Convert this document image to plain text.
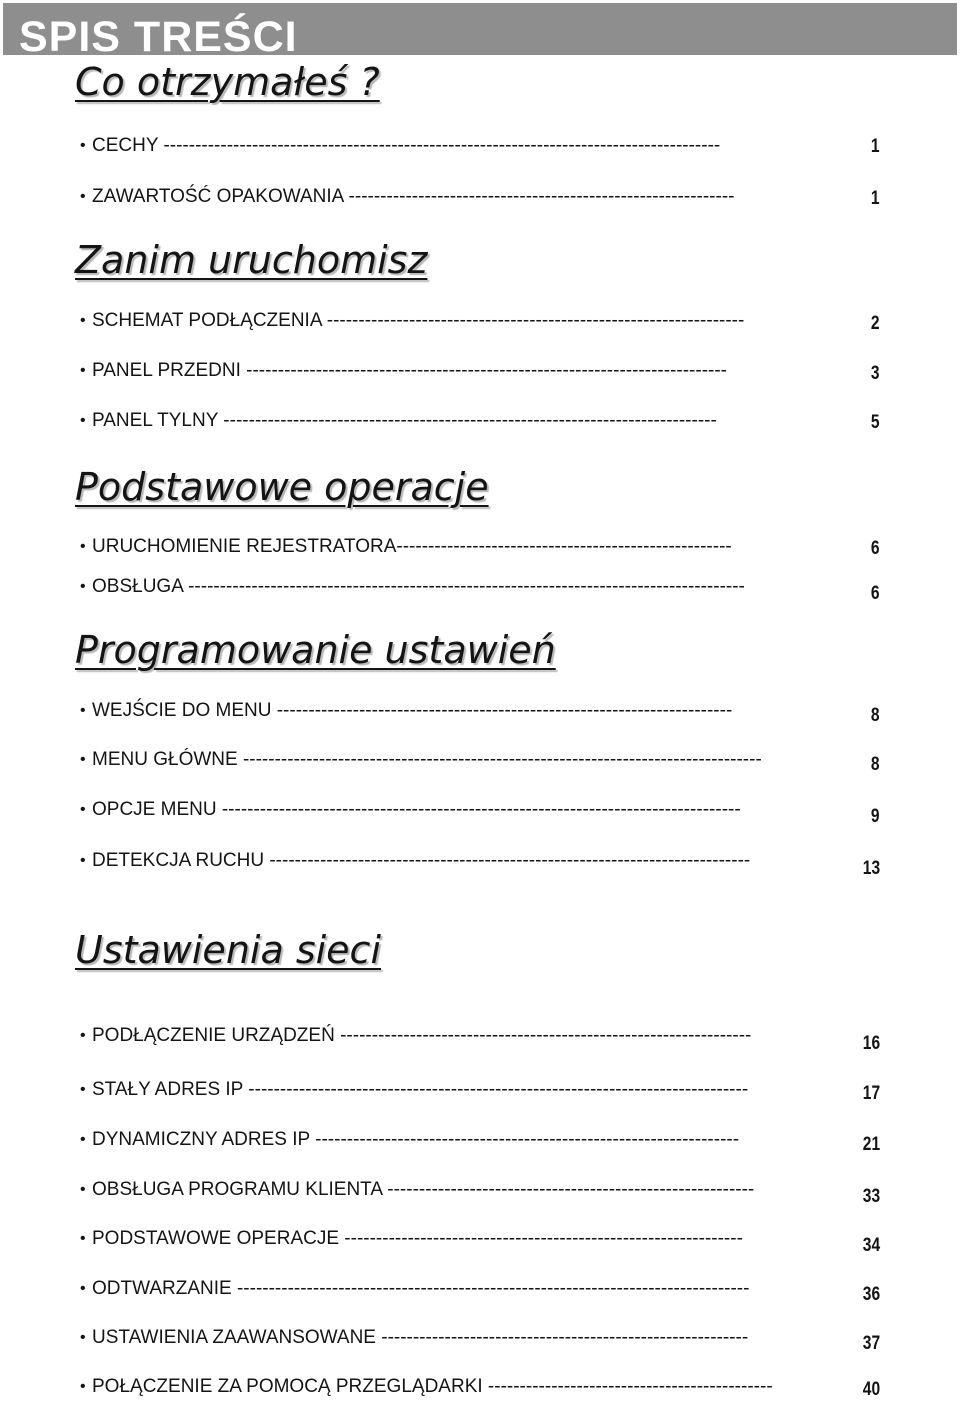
SPIS TREŚCI
Co otrzymałeś ?
• CECHY ----------------------------------------------------------------------------------------	1
• ZAWARTOŚĆ OPAKOWANIA -------------------------------------------------------------	1
Zanim uruchomisz
• SCHEMAT PODŁĄCZENIA ------------------------------------------------------------------	2
• PANEL PRZEDNI ----------------------------------------------------------------------------	3
• PANEL TYLNY ------------------------------------------------------------------------------	5
Podstawowe operacje
• URUCHOMIENIE REJESTRATORA-----------------------------------------------------	6
• OBSŁUGA ----------------------------------------------------------------------------------------	6
Programowanie ustawień
• WEJŚCIE DO MENU ------------------------------------------------------------------------	8
• MENU GŁÓWNE ----------------------------------------------------------------------------------	8
• OPCJE MENU ----------------------------------------------------------------------------------	9
• DETEKCJA RUCHU ----------------------------------------------------------------------------	13
Ustawienia sieci
• PODŁĄCZENIE URZĄDZEŃ -----------------------------------------------------------------	16
• STAŁY ADRES IP -------------------------------------------------------------------------------	17
• DYNAMICZNY ADRES IP -------------------------------------------------------------------	21
• OBSŁUGA PROGRAMU KLIENTA ----------------------------------------------------------	33
• PODSTAWOWE OPERACJE ---------------------------------------------------------------	34
• ODTWARZANIE ---------------------------------------------------------------------------------	36
• USTAWIENIA ZAAWANSOWANE ----------------------------------------------------------	37
• POŁĄCZENIE ZA POMOCĄ PRZEGLĄDARKI ---------------------------------------------	40
